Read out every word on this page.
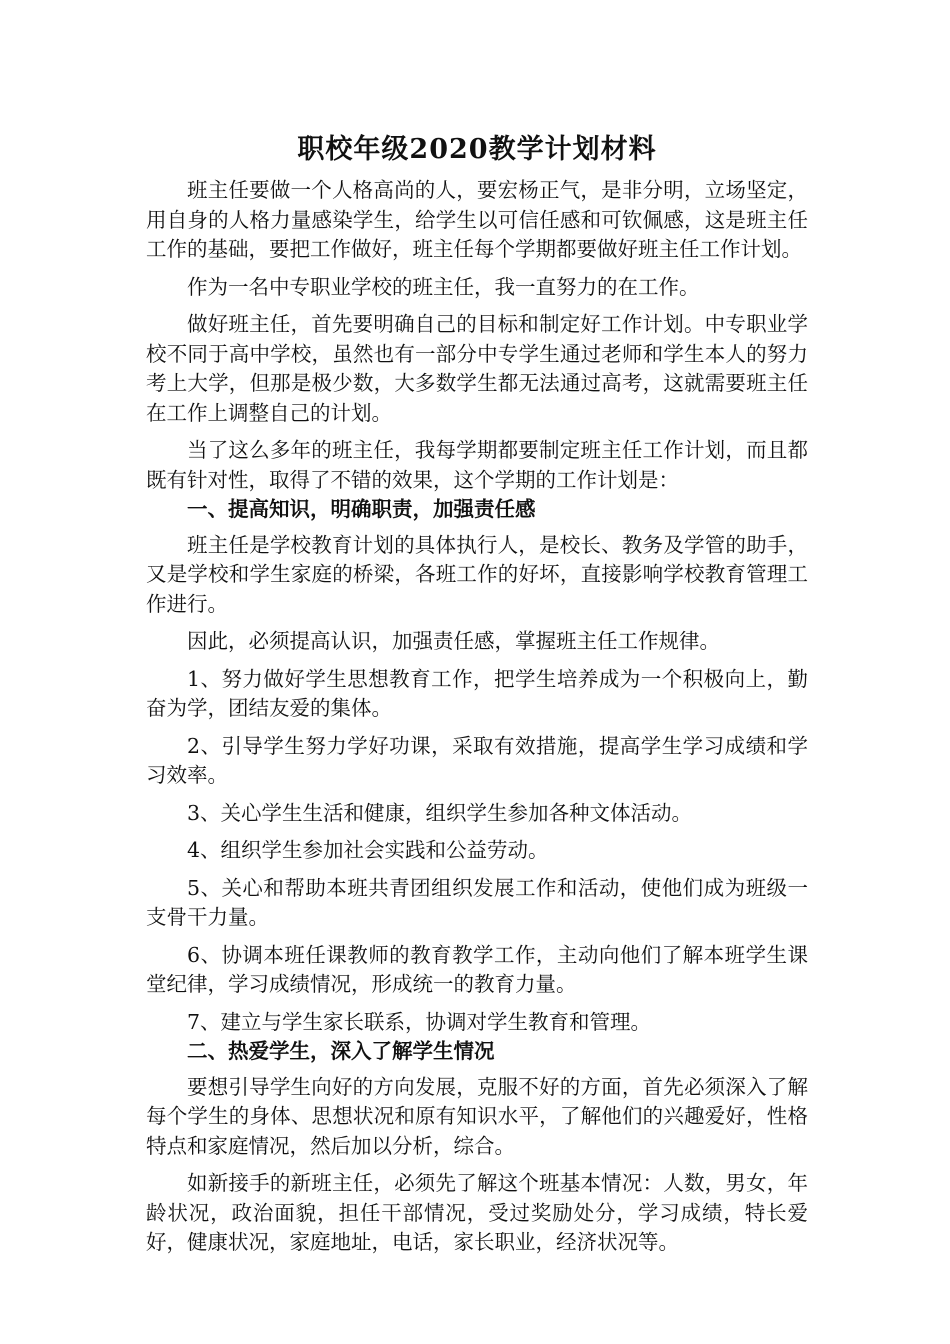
职校年级2020教学计划材料

班主任要做一个人格高尚的人，要宏杨正气，是非分明，立场坚定，用自身的人格力量感染学生，给学生以可信任感和可钦佩感，这是班主任工作的基础，要把工作做好，班主任每个学期都要做好班主任工作计划。

作为一名中专职业学校的班主任，我一直努力的在工作。

做好班主任，首先要明确自己的目标和制定好工作计划。中专职业学校不同于高中学校，虽然也有一部分中专学生通过老师和学生本人的努力考上大学，但那是极少数，大多数学生都无法通过高考，这就需要班主任在工作上调整自己的计划。

当了这么多年的班主任，我每学期都要制定班主任工作计划，而且都既有针对性，取得了不错的效果，这个学期的工作计划是：

一、提高知识，明确职责，加强责任感

班主任是学校教育计划的具体执行人，是校长、教务及学管的助手，又是学校和学生家庭的桥梁，各班工作的好坏，直接影响学校教育管理工作进行。

因此，必须提高认识，加强责任感，掌握班主任工作规律。

1、努力做好学生思想教育工作，把学生培养成为一个积极向上，勤奋为学，团结友爱的集体。

2、引导学生努力学好功课，采取有效措施，提高学生学习成绩和学习效率。

3、关心学生生活和健康，组织学生参加各种文体活动。

4、组织学生参加社会实践和公益劳动。

5、关心和帮助本班共青团组织发展工作和活动，使他们成为班级一支骨干力量。

6、协调本班任课教师的教育教学工作，主动向他们了解本班学生课堂纪律，学习成绩情况，形成统一的教育力量。

7、建立与学生家长联系，协调对学生教育和管理。

二、热爱学生，深入了解学生情况

要想引导学生向好的方向发展，克服不好的方面，首先必须深入了解每个学生的身体、思想状况和原有知识水平，了解他们的兴趣爱好，性格特点和家庭情况，然后加以分析，综合。

如新接手的新班主任，必须先了解这个班基本情况：人数，男女，年龄状况，政治面貌，担任干部情况，受过奖励处分，学习成绩，特长爱好，健康状况，家庭地址，电话，家长职业，经济状况等。
